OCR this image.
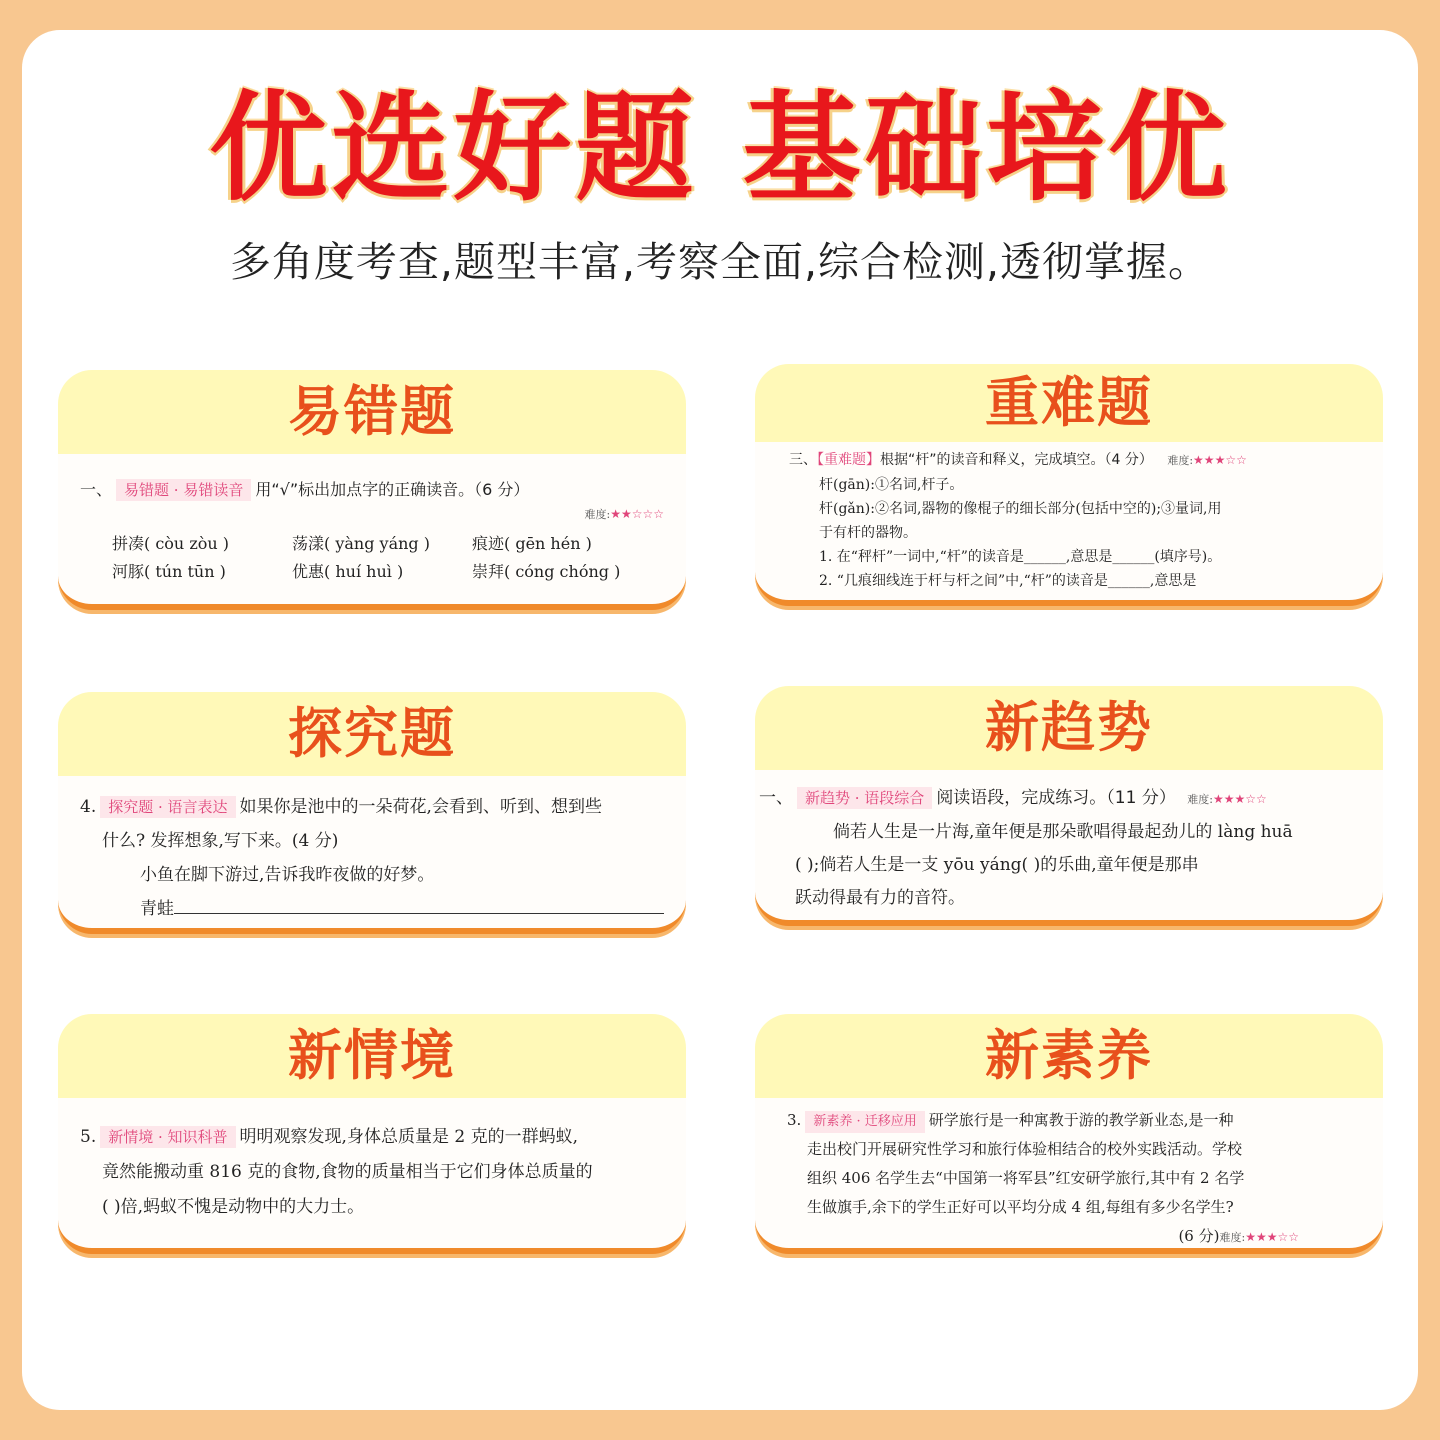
优选好题 基础培优
多角度考查,题型丰富,考察全面,综合检测,透彻掌握。
易错题
一、 易错题 · 易错读音 用“√”标出加点字的正确读音。（6 分）
难度:★★☆☆☆
拼凑( còu zòu )	荡漾( yàng yáng )	痕迹( gēn hén )
河豚( tún tūn )	优惠( huí huì )	崇拜( cóng chóng )
重难题
三、【重难题】根据“杆”的读音和释义，完成填空。（4 分） 难度:★★★☆☆
杆(gān):①名词,杆子。
杆(gǎn):②名词,器物的像棍子的细长部分(包括中空的);③量词,用
于有杆的器物。
1. 在“秤杆”一词中,“杆”的读音是______,意思是______(填序号)。
2. “几痕细线连于杆与杆之间”中,“杆”的读音是______,意思是
探究题
4. 探究题 · 语言表达 如果你是池中的一朵荷花,会看到、听到、想到些
什么? 发挥想象,写下来。(4 分)
小鱼在脚下游过,告诉我昨夜做的好梦。
青蛙
新趋势
一、 新趋势 · 语段综合 阅读语段，完成练习。（11 分） 难度:★★★☆☆
倘若人生是一片海,童年便是那朵歌唱得最起劲儿的 làng huā
( );倘若人生是一支 yōu yáng( )的乐曲,童年便是那串
跃动得最有力的音符。
新情境
5. 新情境 · 知识科普 明明观察发现,身体总质量是 2 克的一群蚂蚁,
竟然能搬动重 816 克的食物,食物的质量相当于它们身体总质量的
( )倍,蚂蚁不愧是动物中的大力士。
新素养
3. 新素养 · 迁移应用 研学旅行是一种寓教于游的教学新业态,是一种
走出校门开展研究性学习和旅行体验相结合的校外实践活动。学校
组织 406 名学生去“中国第一将军县”红安研学旅行,其中有 2 名学
生做旗手,余下的学生正好可以平均分成 4 组,每组有多少名学生?
(6 分)难度:★★★☆☆
